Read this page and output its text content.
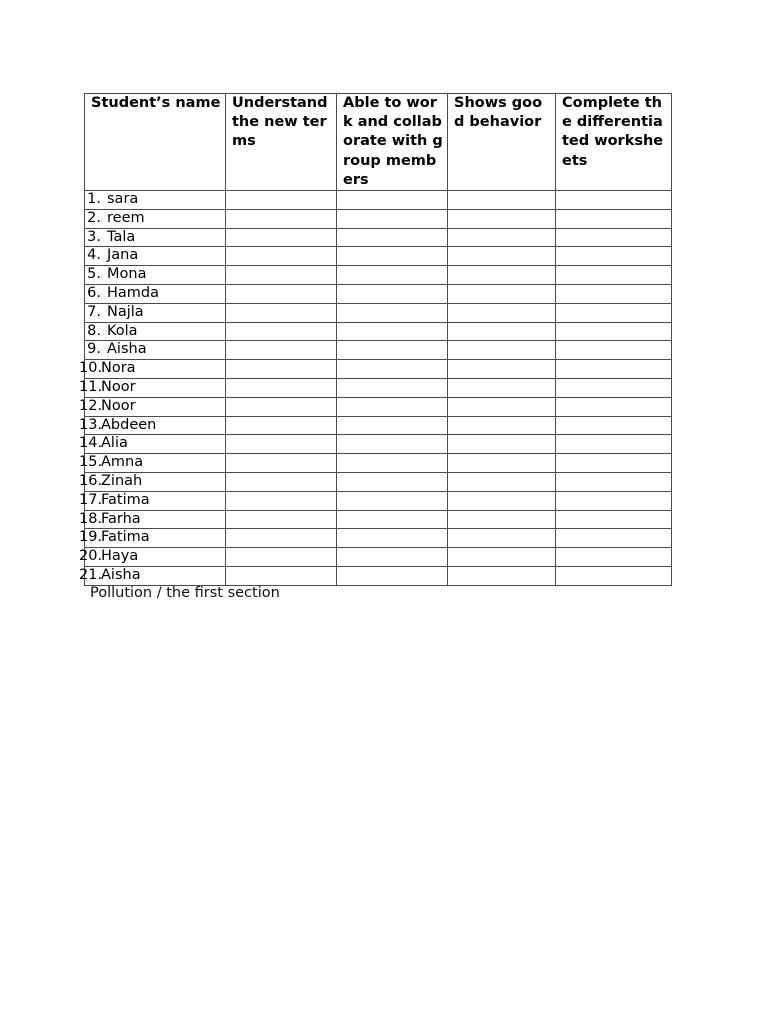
Student’s name	Understand the new terms	Able to work and collaborate with group members	Shows good behavior	Complete the differentiated worksheets
1. sara				
2. reem				
3. Tala				
4. Jana				
5. Mona				
6. Hamda				
7. Najla				
8. Kola				
9. Aisha				
10.Nora				
11.Noor				
12.Noor				
13.Abdeen				
14.Alia				
15.Amna				
16.Zinah				
17.Fatima				
18.Farha				
19.Fatima				
20.Haya				
21.Aisha				
Pollution / the first section
